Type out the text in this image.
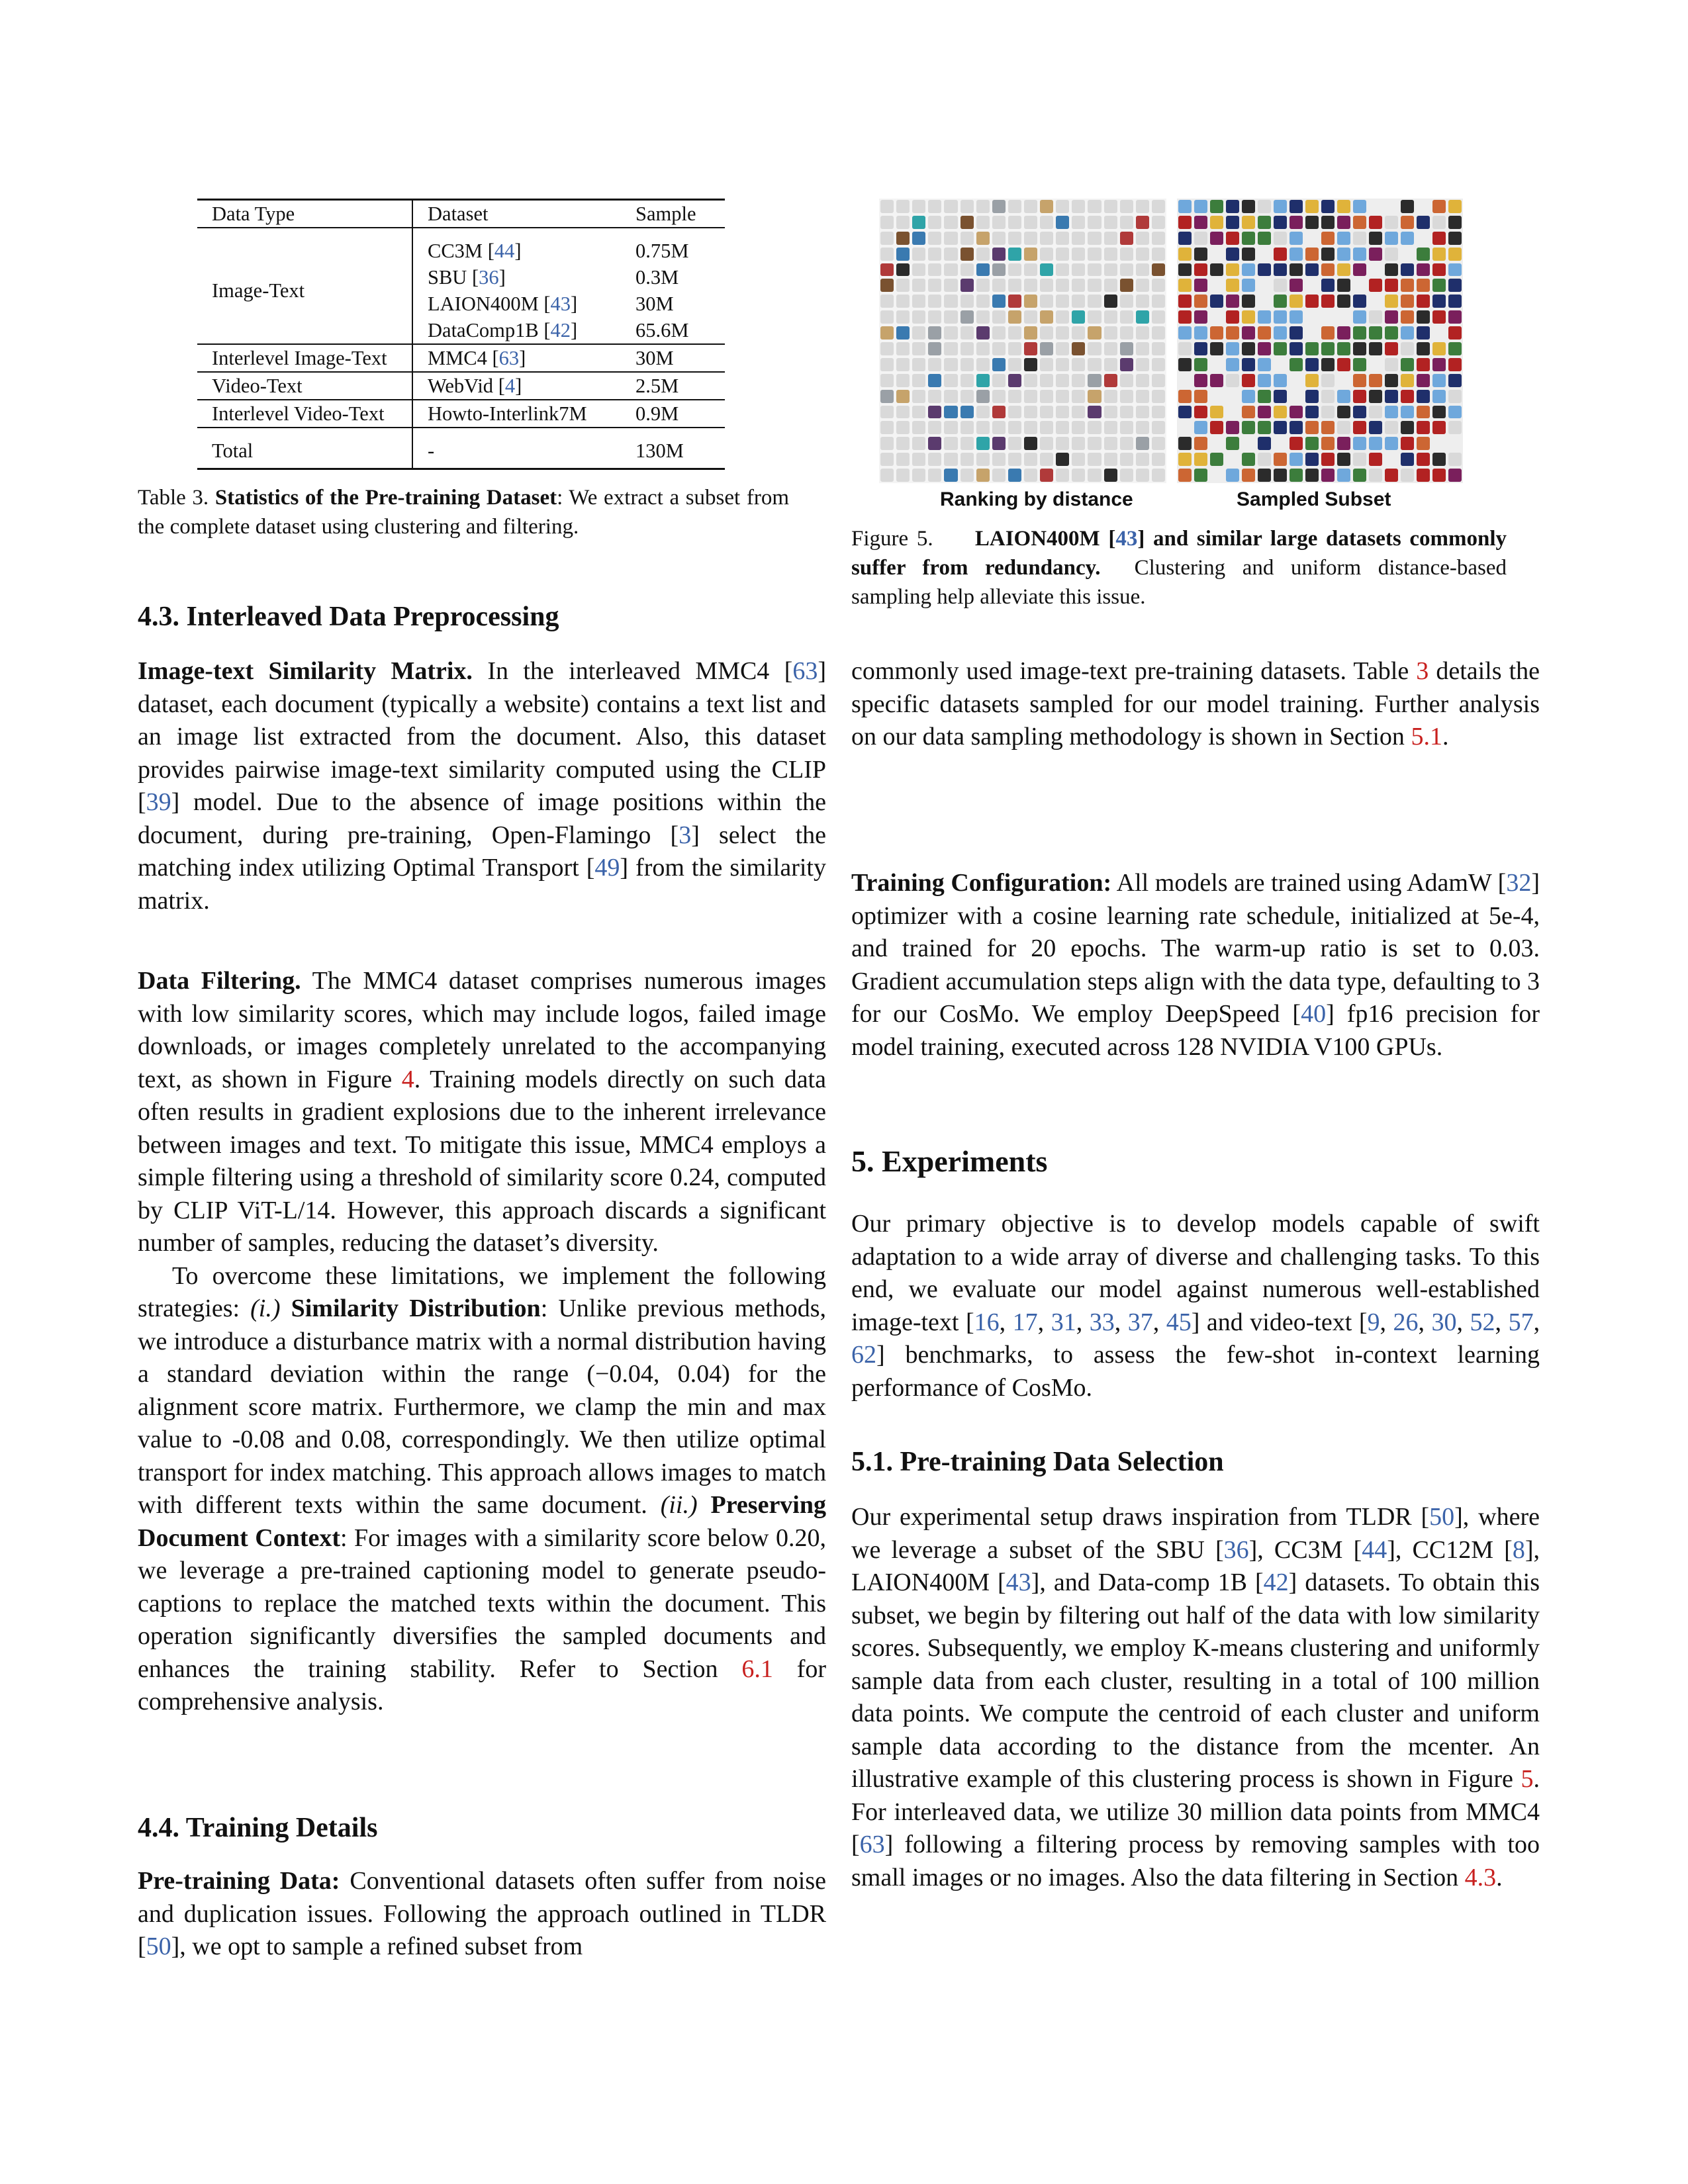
Data Type	Dataset	Sample

Image-Text	CC3M [44]	0.75M
	SBU [36]	0.3M
	LAION400M [43]	30M
	DataComp1B [42]	65.6M
Interlevel Image-Text	MMC4 [63]	30M
Video-Text	WebVid [4]	2.5M
Interlevel Video-Text	Howto-Interlink7M	0.9M

Total	-	130M

Table 3. Statistics of the Pre-training Dataset: We extract a subset from the complete dataset using clustering and filtering.

Ranking by distance	Sampled Subset

Figure 5. LAION400M [43] and similar large datasets commonly suffer from redundancy. Clustering and uniform distance-based sampling help alleviate this issue.

4.3. Interleaved Data Preprocessing

Image-text Similarity Matrix. In the interleaved MMC4 [63] dataset, each document (typically a website) contains a text list and an image list extracted from the document. Also, this dataset provides pairwise image-text similarity computed using the CLIP [39] model. Due to the absence of image positions within the document, during pre-training, Open-Flamingo [3] select the matching index utilizing Optimal Transport [49] from the similarity matrix.

Data Filtering. The MMC4 dataset comprises numerous images with low similarity scores, which may include logos, failed image downloads, or images completely unrelated to the accompanying text, as shown in Figure 4. Training models directly on such data often results in gradient explosions due to the inherent irrelevance between images and text. To mitigate this issue, MMC4 employs a simple filtering using a threshold of similarity score 0.24, computed by CLIP ViT-L/14. However, this approach discards a significant number of samples, reducing the dataset’s diversity.

To overcome these limitations, we implement the following strategies: (i.) Similarity Distribution: Unlike previous methods, we introduce a disturbance matrix with a normal distribution having a standard deviation within the range (−0.04, 0.04) for the alignment score matrix. Furthermore, we clamp the min and max value to -0.08 and 0.08, correspondingly. We then utilize optimal transport for index matching. This approach allows images to match with different texts within the same document. (ii.) Preserving Document Context: For images with a similarity score below 0.20, we leverage a pre-trained captioning model to generate pseudo-captions to replace the matched texts within the document. This operation significantly diversifies the sampled documents and enhances the training stability. Refer to Section 6.1 for comprehensive analysis.

4.4. Training Details

Pre-training Data: Conventional datasets often suffer from noise and duplication issues. Following the approach outlined in TLDR [50], we opt to sample a refined subset from

commonly used image-text pre-training datasets. Table 3 details the specific datasets sampled for our model training. Further analysis on our data sampling methodology is shown in Section 5.1.

Training Configuration: All models are trained using AdamW [32] optimizer with a cosine learning rate schedule, initialized at 5e-4, and trained for 20 epochs. The warm-up ratio is set to 0.03. Gradient accumulation steps align with the data type, defaulting to 3 for our CosMo. We employ DeepSpeed [40] fp16 precision for model training, executed across 128 NVIDIA V100 GPUs.

5. Experiments

Our primary objective is to develop models capable of swift adaptation to a wide array of diverse and challenging tasks. To this end, we evaluate our model against numerous well-established image-text [16, 17, 31, 33, 37, 45] and video-text [9, 26, 30, 52, 57, 62] benchmarks, to assess the few-shot in-context learning performance of CosMo.

5.1. Pre-training Data Selection

Our experimental setup draws inspiration from TLDR [50], where we leverage a subset of the SBU [36], CC3M [44], CC12M [8], LAION400M [43], and Data-comp 1B [42] datasets. To obtain this subset, we begin by filtering out half of the data with low similarity scores. Subsequently, we employ K-means clustering and uniformly sample data from each cluster, resulting in a total of 100 million data points. We compute the centroid of each cluster and uniform sample data according to the distance from the mcenter. An illustrative example of this clustering process is shown in Figure 5. For interleaved data, we utilize 30 million data points from MMC4 [63] following a filtering process by removing samples with too small images or no images. Also the data filtering in Section 4.3.
